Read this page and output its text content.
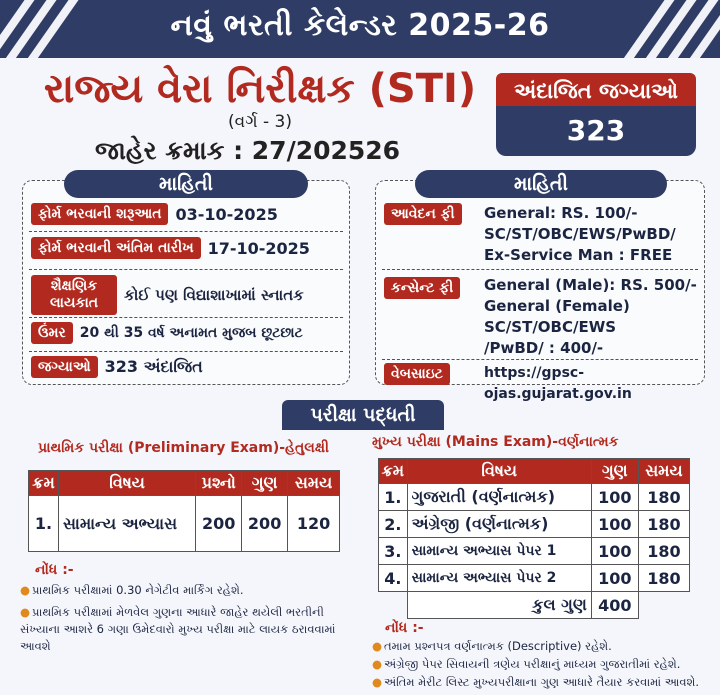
નવું ભરતી કેલેન્ડર 2025-26
રાજ્ય વેરા નિરીક્ષક (STI)
(વર્ગ - 3)
જાહેર ક્રમાક : 27/202526
અંદાજિત જગ્યાઓ
323
ફોર્મ ભરવાની શરૂઆત 03-10-2025
ફોર્મ ભરવાની અંતિમ તારીખ 17-10-2025
શૈક્ષણિક લાયકાત	કોઈ પણ વિદ્યાશાખામાં સ્નાતક
ઉંમર	20 થી 35 વર્ષ અનામત મુજબ છૂટછાટ
જગ્યાઓ 323 અંદાજિત
માહિતી
આવેદન ફી	General: RS. 100/-
SC/ST/OBC/EWS/PwBD/
Ex-Service Man : FREE
કન્સેન્ટ ફી	General (Male): RS. 500/-
General (Female)
SC/ST/OBC/EWS
/PwBD/ : 400/-
વેબસાઇટ	https://gpsc-ojas.gujarat.gov.in
માહિતી
પરીક્ષા પદ્ધતી
પ્રાથમિક પરીક્ષા (Preliminary Exam)-હેતુલક્ષી
ક્રમ	વિષય	પ્રશ્નો	ગુણ	સમય
1.	સામાન્ય અભ્યાસ	200	200	120
નોંધ :-
● પ્રાથમિક પરીક્ષામાં 0.30 નેગેટીવ માર્કિંગ રહેશે.
● પ્રાથમિક પરીક્ષામાં મેળવેલ ગુણના આધારે જાહેર થયેલી ભરતીની સંખ્યાના આશરે 6 ગણા ઉમેદવારો મુખ્ય પરીક્ષા માટે લાયક ઠરાવવામાં આવશે
મુખ્ય પરીક્ષા (Mains Exam)-વર્ણનાત્મક
ક્રમ	વિષય	ગુણ	સમય
1.	ગુજરાતી (વર્ણનાત્મક)	100	180
2.	અંગ્રેજી (વર્ણનાત્મક)	100	180
3.	સામાન્ય અભ્યાસ પેપર 1	100	180
4.	સામાન્ય અભ્યાસ પેપર 2	100	180
	કુલ ગુણ	400	
નોંધ :-
● તમામ પ્રશ્નપત્ર વર્ણનાત્મક (Descriptive) રહેશે.
● અંગ્રેજી પેપર સિવાયની ત્રણેય પરીક્ષાનું માધ્યમ ગુજરાતીમાં રહેશે.
● અંતિમ મેરીટ લિસ્ટ મુખ્યપરીક્ષાના ગુણ આધારે તૈયાર કરવામાં આવશે.
